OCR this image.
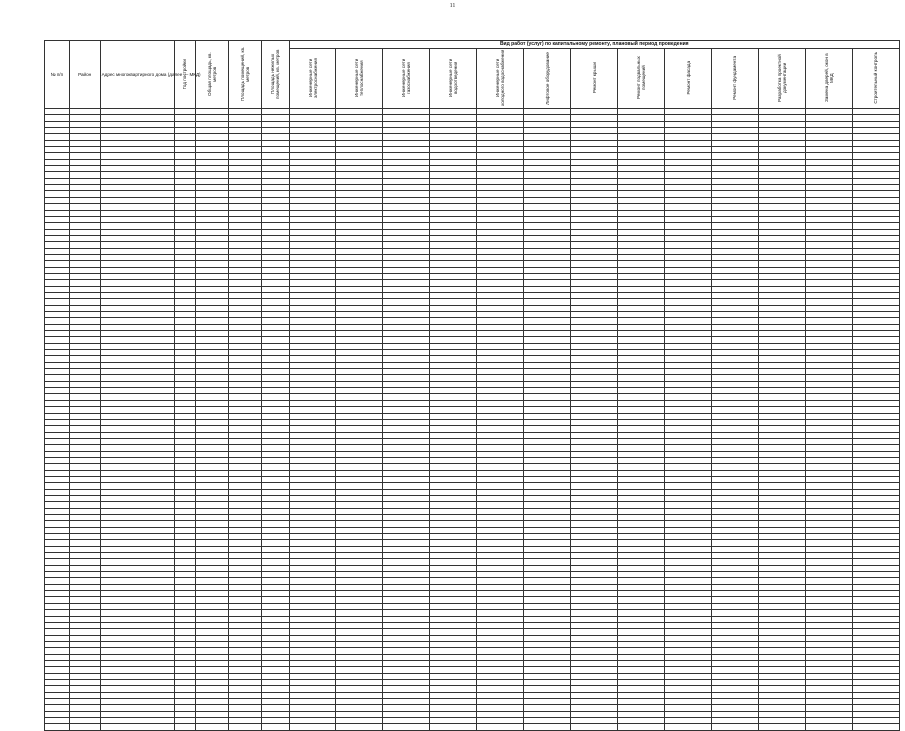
11
№ п/п	Район	Адрес многоквартирного дома (далее — МКД)	Год постройки	Общая площадь, кв. метров	Площадь помещений, кв. метров	Площадь нежилых помещений, кв. метров	Вид работ (услуг) по капитальному ремонту, плановый период проведения												
							Инженерные сети электроснабжения	Инженерные сети теплоснабжения	Инженерные сети газоснабжения	Инженерные сети водоотведения	Инженерные сети холодного водоснабжения	Лифтовое оборудование	Ремонт крыши	Ремонт подвальных помещений	Ремонт фасада	Ремонт фундамента	Разработка проектной документации	Замена дверей, окон в МКД	Строительный контроль
